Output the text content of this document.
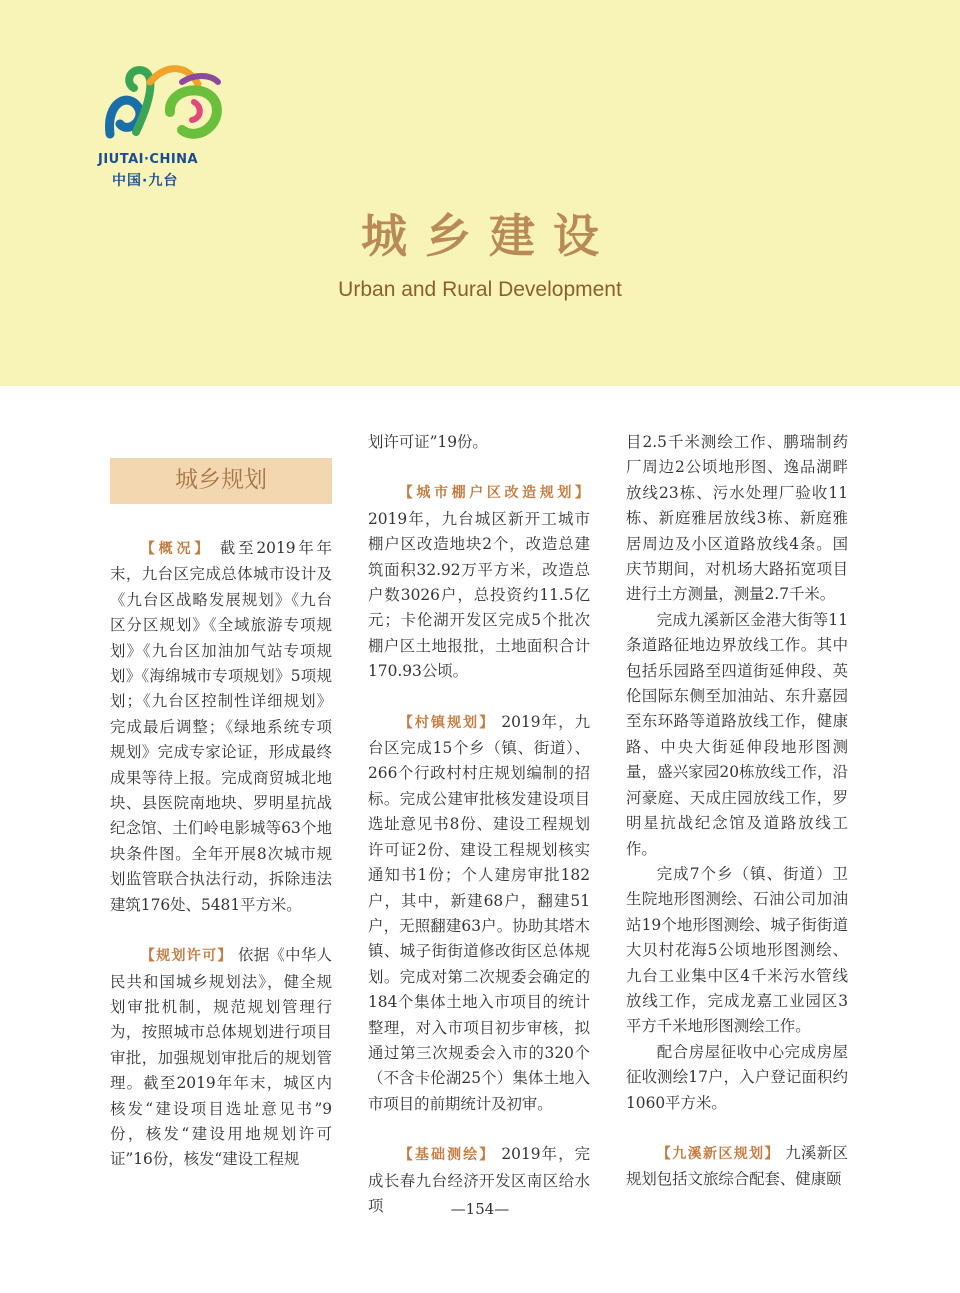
JIUTAI·CHINA
中国·九台
城乡建设
Urban and Rural Development
城乡规划

【概况】 截至2019年年末，九台区完成总体城市设计及《九台区战略发展规划》《九台区分区规划》《全域旅游专项规划》《九台区加油加气站专项规划》《海绵城市专项规划》5项规划；《九台区控制性详细规划》完成最后调整；《绿地系统专项规划》完成专家论证，形成最终成果等待上报。完成商贸城北地块、县医院南地块、罗明星抗战纪念馆、土们岭电影城等63个地块条件图。全年开展8次城市规划监管联合执法行动，拆除违法建筑176处、5481平方米。

【规划许可】 依据《中华人民共和国城乡规划法》，健全规划审批机制，规范规划管理行为，按照城市总体规划进行项目审批，加强规划审批后的规划管理。截至2019年年末，城区内核发“建设项目选址意见书”9份，核发“建设用地规划许可证”16份，核发“建设工程规

划许可证”19份。

【城市棚户区改造规划】 2019年，九台城区新开工城市棚户区改造地块2个，改造总建筑面积32.92万平方米，改造总户数3026户，总投资约11.5亿元；卡伦湖开发区完成5个批次棚户区土地报批，土地面积合计170.93公顷。

【村镇规划】 2019年，九台区完成15个乡（镇、街道）、266个行政村村庄规划编制的招标。完成公建审批核发建设项目选址意见书8份、建设工程规划许可证2份、建设工程规划核实通知书1份；个人建房审批182户，其中，新建68户，翻建51户，无照翻建63户。协助其塔木镇、城子街街道修改街区总体规划。完成对第二次规委会确定的184个集体土地入市项目的统计整理，对入市项目初步审核，拟通过第三次规委会入市的320个（不含卡伦湖25个）集体土地入市项目的前期统计及初审。

【基础测绘】 2019年，完成长春九台经济开发区南区给水项

目2.5千米测绘工作、鹏瑞制药厂周边2公顷地形图、逸品湖畔放线23栋、污水处理厂验收11栋、新庭雅居放线3栋、新庭雅居周边及小区道路放线4条。国庆节期间，对机场大路拓宽项目进行土方测量，测量2.7千米。

完成九溪新区金港大街等11条道路征地边界放线工作。其中包括乐园路至四道街延伸段、英伦国际东侧至加油站、东升嘉园至东环路等道路放线工作，健康路、中央大街延伸段地形图测量，盛兴家园20栋放线工作，沿河豪庭、天成庄园放线工作，罗明星抗战纪念馆及道路放线工作。

完成7个乡（镇、街道）卫生院地形图测绘、石油公司加油站19个地形图测绘、城子街街道大贝村花海5公顷地形图测绘、九台工业集中区4千米污水管线放线工作，完成龙嘉工业园区3平方千米地形图测绘工作。

配合房屋征收中心完成房屋征收测绘17户，入户登记面积约1060平方米。

【九溪新区规划】 九溪新区规划包括文旅综合配套、健康颐

—154—
